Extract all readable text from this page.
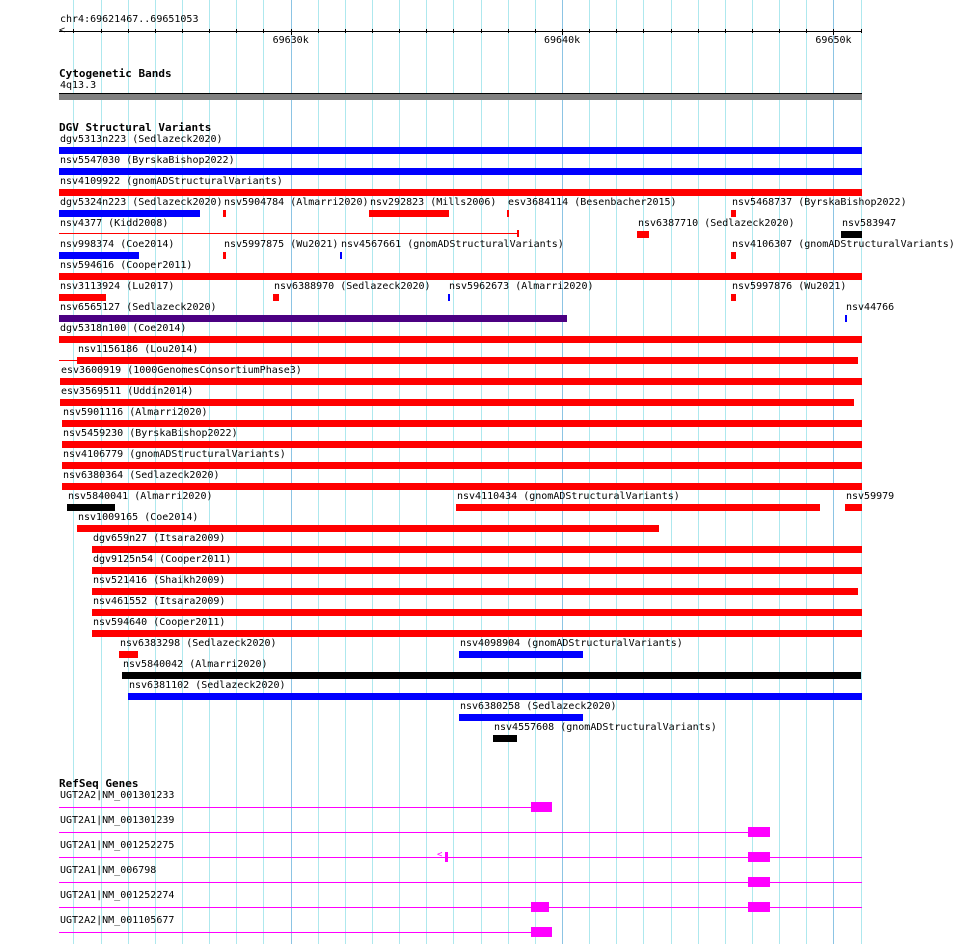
chr4:69621467..69651053
<
69630k	69640k	69650k
Cytogenetic Bands
4q13.3
DGV Structural Variants
dgv5313n223 (Sedlazeck2020)
nsv5547030 (ByrskaBishop2022)
nsv4109922 (gnomADStructuralVariants)
dgv5324n223 (Sedlazeck2020) nsv5904784 (Almarri2020) nsv292823 (Mills2006) esv3684114 (Besenbacher2015)	nsv5468737 (ByrskaBishop2022)
nsv4377 (Kidd2008)	nsv6387710 (Sedlazeck2020)	nsv583947
nsv998374 (Coe2014)	nsv5997875 (Wu2021) nsv4567661 (gnomADStructuralVariants)	nsv4106307 (gnomADStructuralVariants)
nsv594616 (Cooper2011)
nsv3113924 (Lu2017)	nsv6388970 (Sedlazeck2020) nsv5962673 (Almarri2020)	nsv5997876 (Wu2021)
nsv6565127 (Sedlazeck2020)	nsv44766
dgv5318n100 (Coe2014)
nsv1156186 (Lou2014)
esv3600919 (1000GenomesConsortiumPhase3)
esv3569511 (Uddin2014)
nsv5901116 (Almarri2020)
nsv5459230 (ByrskaBishop2022)
nsv4106779 (gnomADStructuralVariants)
nsv6380364 (Sedlazeck2020)
nsv5840041 (Almarri2020)	nsv4110434 (gnomADStructuralVariants)	nsv59979
nsv1009165 (Coe2014)
dgv659n27 (Itsara2009)
dgv9125n54 (Cooper2011)
nsv521416 (Shaikh2009)
nsv461552 (Itsara2009)
nsv594640 (Cooper2011)
nsv6383298 (Sedlazeck2020)	nsv4098904 (gnomADStructuralVariants)
nsv5840042 (Almarri2020)
nsv6381102 (Sedlazeck2020)
nsv6380258 (Sedlazeck2020)
nsv4557608 (gnomADStructuralVariants)
RefSeq Genes
UGT2A2|NM_001301233
UGT2A1|NM_001301239
UGT2A1|NM_001252275
<
UGT2A1|NM_006798
UGT2A1|NM_001252274
UGT2A2|NM_001105677
